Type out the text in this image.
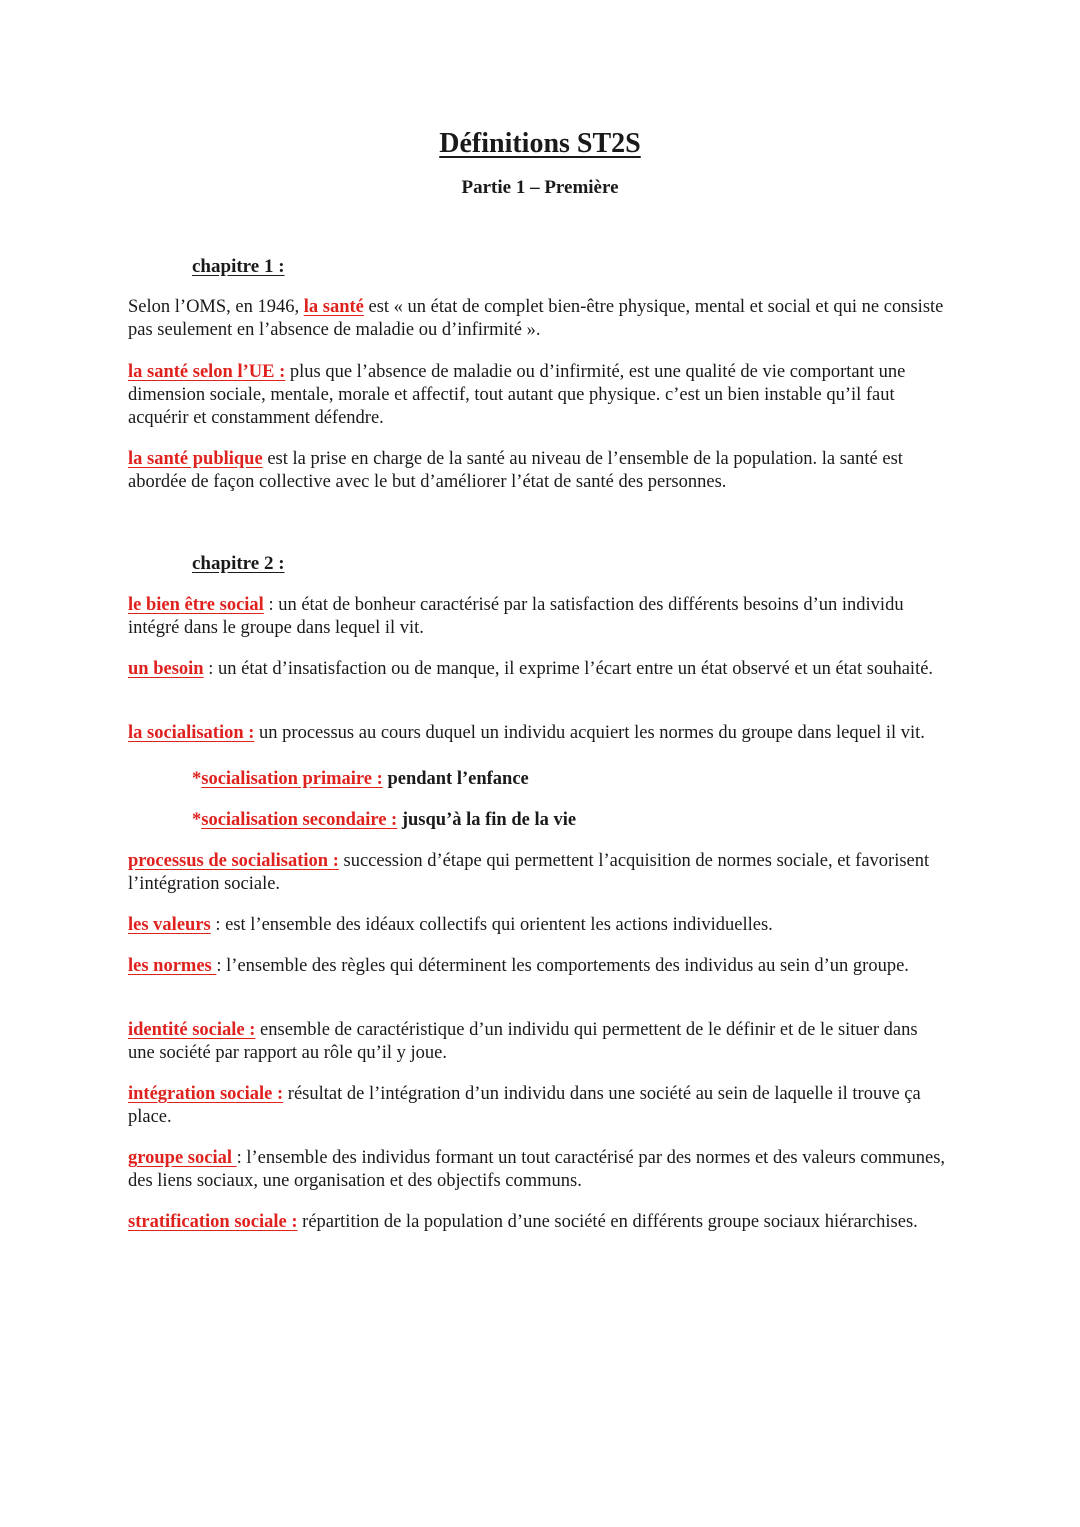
Définitions ST2S

Partie 1 – Première

chapitre 1 :

Selon l’OMS, en 1946, la santé est « un état de complet bien-être physique, mental et social et qui ne consiste pas seulement en l’absence de maladie ou d’infirmité ».

la santé selon l’UE : plus que l’absence de maladie ou d’infirmité, est une qualité de vie comportant une dimension sociale, mentale, morale et affectif, tout autant que physique. c’est un bien instable qu’il faut acquérir et constamment défendre.

la santé publique est la prise en charge de la santé au niveau de l’ensemble de la population. la santé est abordée de façon collective avec le but d’améliorer l’état de santé des personnes.

chapitre 2 :

le bien être social : un état de bonheur caractérisé par la satisfaction des différents besoins d’un individu intégré dans le groupe dans lequel il vit.

un besoin : un état d’insatisfaction ou de manque, il exprime l’écart entre un état observé et un état souhaité.

la socialisation : un processus au cours duquel un individu acquiert les normes du groupe dans lequel il vit.

*socialisation primaire : pendant l’enfance

*socialisation secondaire : jusqu’à la fin de la vie

processus de socialisation : succession d’étape qui permettent l’acquisition de normes sociale, et favorisent l’intégration sociale.

les valeurs : est l’ensemble des idéaux collectifs qui orientent les actions individuelles.

les normes : l’ensemble des règles qui déterminent les comportements des individus au sein d’un groupe.

identité sociale : ensemble de caractéristique d’un individu qui permettent de le définir et de le situer dans une société par rapport au rôle qu’il y joue.

intégration sociale : résultat de l’intégration d’un individu dans une société au sein de laquelle il trouve ça place.

groupe social : l’ensemble des individus formant un tout caractérisé par des normes et des valeurs communes, des liens sociaux, une organisation et des objectifs communs.

stratification sociale : répartition de la population d’une société en différents groupe sociaux hiérarchises.
